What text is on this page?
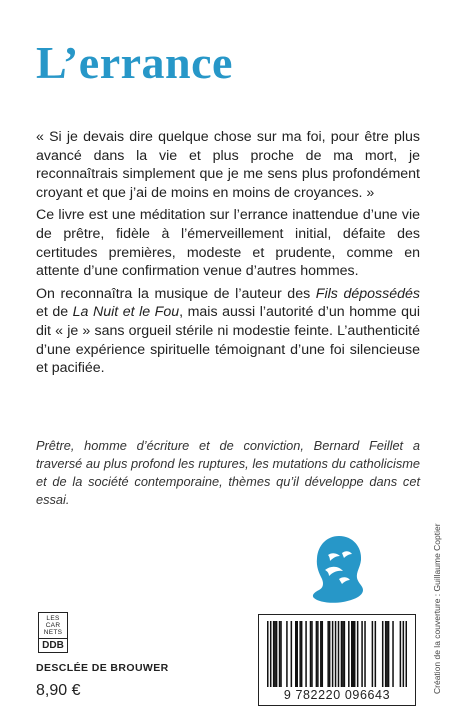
L’errance

« Si je devais dire quelque chose sur ma foi, pour être plus avancé dans la vie et plus proche de ma mort, je reconnaîtrais simplement que je me sens plus profondément croyant et que j’ai de moins en moins de croyances. »

Ce livre est une méditation sur l’errance inattendue d’une vie de prêtre, fidèle à l’émerveillement initial, défaite des certitudes premières, modeste et prudente, comme en attente d’une confirmation venue d’autres hommes.

On reconnaîtra la musique de l’auteur des Fils dépossédés et de La Nuit et le Fou, mais aussi l’autorité d’un homme qui dit « je » sans orgueil stérile ni modestie feinte. L’authenticité d’une expérience spirituelle témoignant d’une foi silencieuse et pacifiée.

Prêtre, homme d’écriture et de conviction, Bernard Feillet a traversé au plus profond les ruptures, les mutations du catholicisme et de la société contemporaine, thèmes qu’il développe dans cet essai.

Création de la couverture : Guillaume Coptier
LES
CAR
NETS
DDB
DESCLÉE DE BROUWER
8,90 €	9 782220 096643
